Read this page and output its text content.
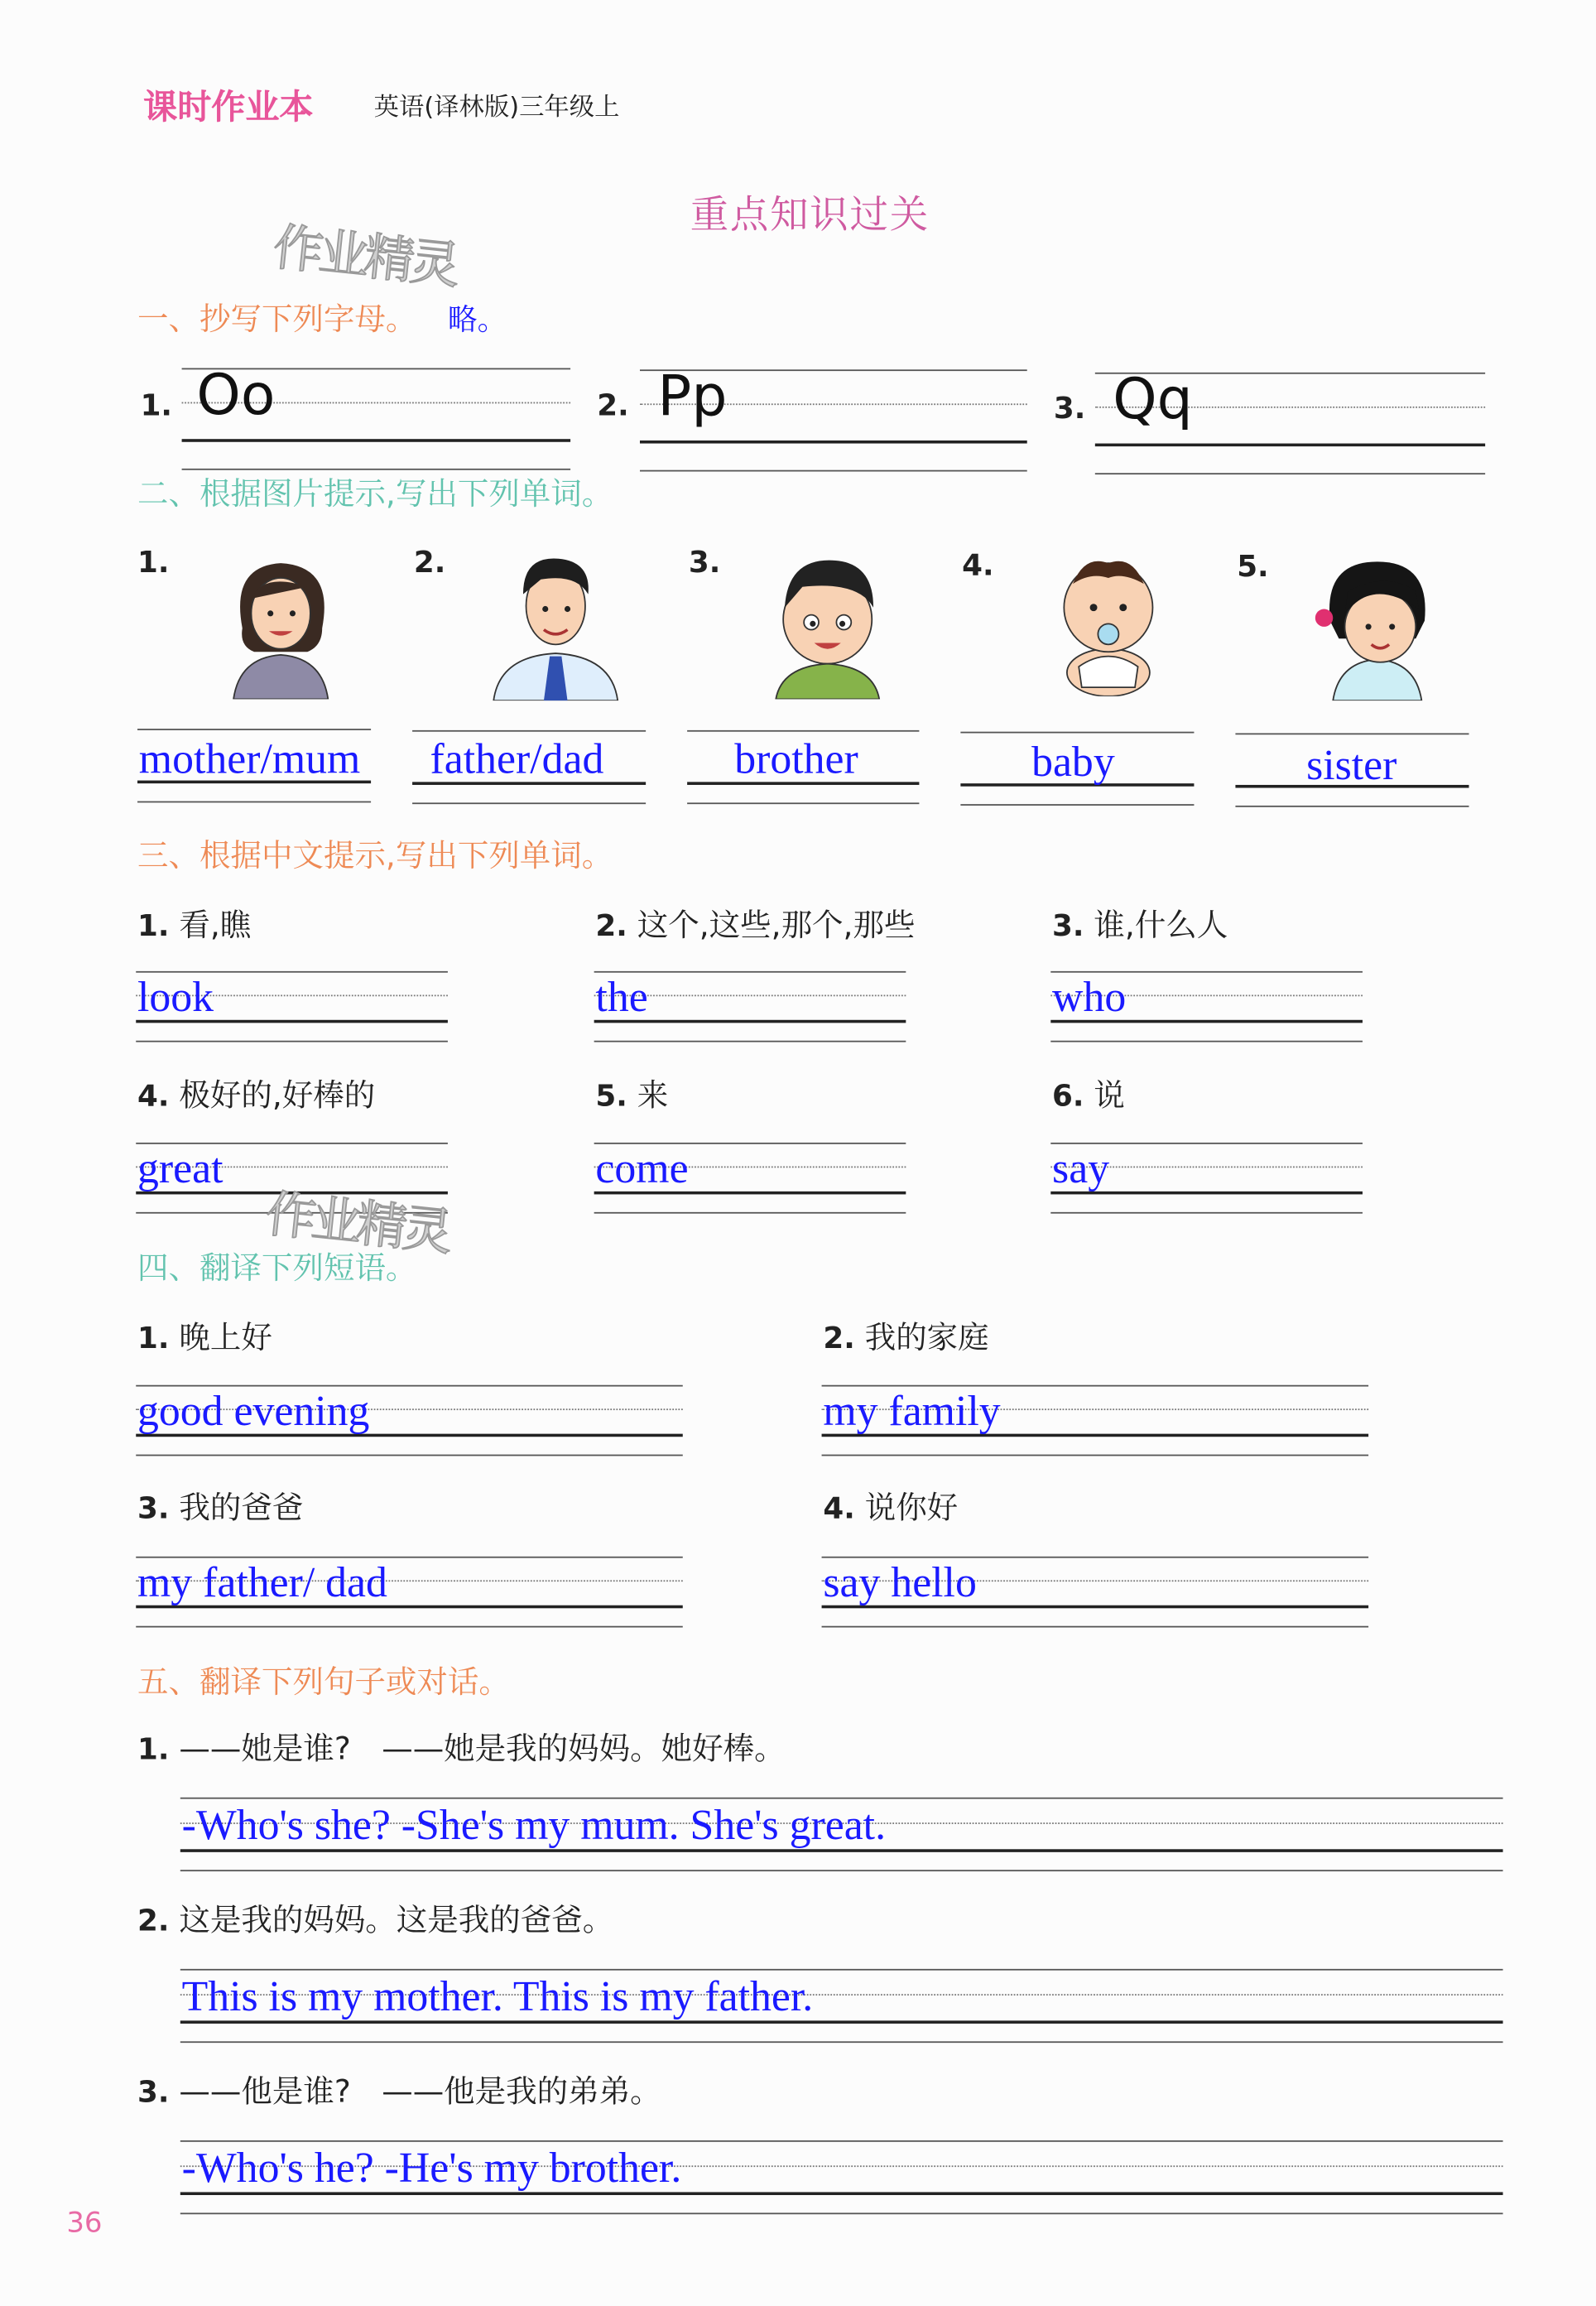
课时作业本	英语(译林版)三年级上
重点知识过关
作业精灵
一、抄写下列字母。 略。
1. Oo	2. Pp	3. Qq
二、根据图片提示,写出下列单词。
1.	2.	3.	4.	5.
mother/mum	father/dad	brother	baby	sister
三、根据中文提示,写出下列单词。
1. 看,瞧
look
2. 这个,这些,那个,那些
the
3. 谁,什么人
who
4. 极好的,好棒的
great
5. 来
come
6. 说
say
作业精灵
四、翻译下列短语。
1. 晚上好
good evening
2. 我的家庭
my family
3. 我的爸爸
my father/ dad
4. 说你好
say hello
五、翻译下列句子或对话。
1. ——她是谁?　——她是我的妈妈。她好棒。
-Who's she? -She's my mum. She's great.
2. 这是我的妈妈。这是我的爸爸。
This is my mother. This is my father.
3. ——他是谁?　——他是我的弟弟。
-Who's he? -He's my brother.
36
